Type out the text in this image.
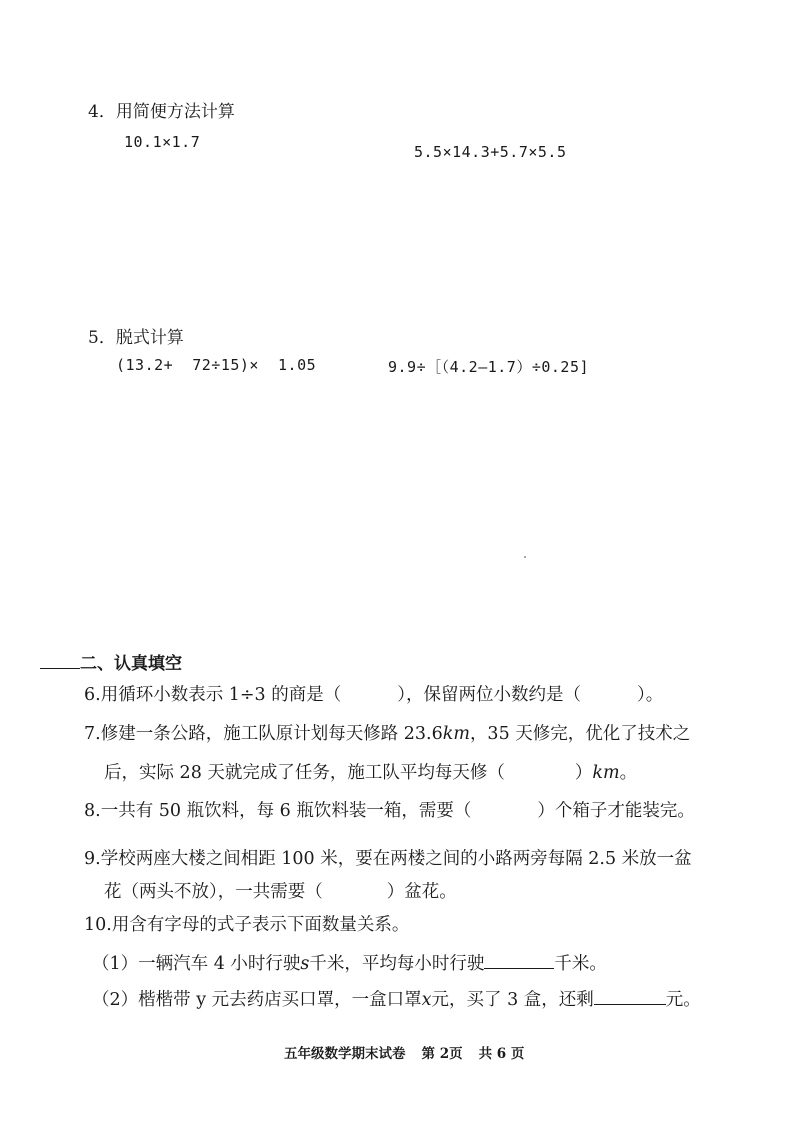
4．用简便方法计算
10.1×1.7
5.5×14.3+5.7×5.5
5．脱式计算
(13.2+  72÷15)×  1.05	9.9÷［（4.2—1.7）÷0.25]
二、认真填空
6.用循环小数表示 1÷3 的商是（	），保留两位小数约是（	）。
7.修建一条公路，施工队原计划每天修路 23.6km，35 天修完，优化了技术之
后，实际 28 天就完成了任务，施工队平均每天修（	）km。
8.一共有 50 瓶饮料，每 6 瓶饮料装一箱，需要（	）个箱子才能装完。
9.学校两座大楼之间相距 100 米，要在两楼之间的小路两旁每隔 2.5 米放一盆
花（两头不放），一共需要（	）盆花。
10.用含有字母的式子表示下面数量关系。
（1）一辆汽车 4 小时行驶s千米，平均每小时行驶	千米。
（2）楷楷带 y 元去药店买口罩，一盒口罩x元，买了 3 盒，还剩	元。
五年级数学期末试卷 第 2页 共 6 页
